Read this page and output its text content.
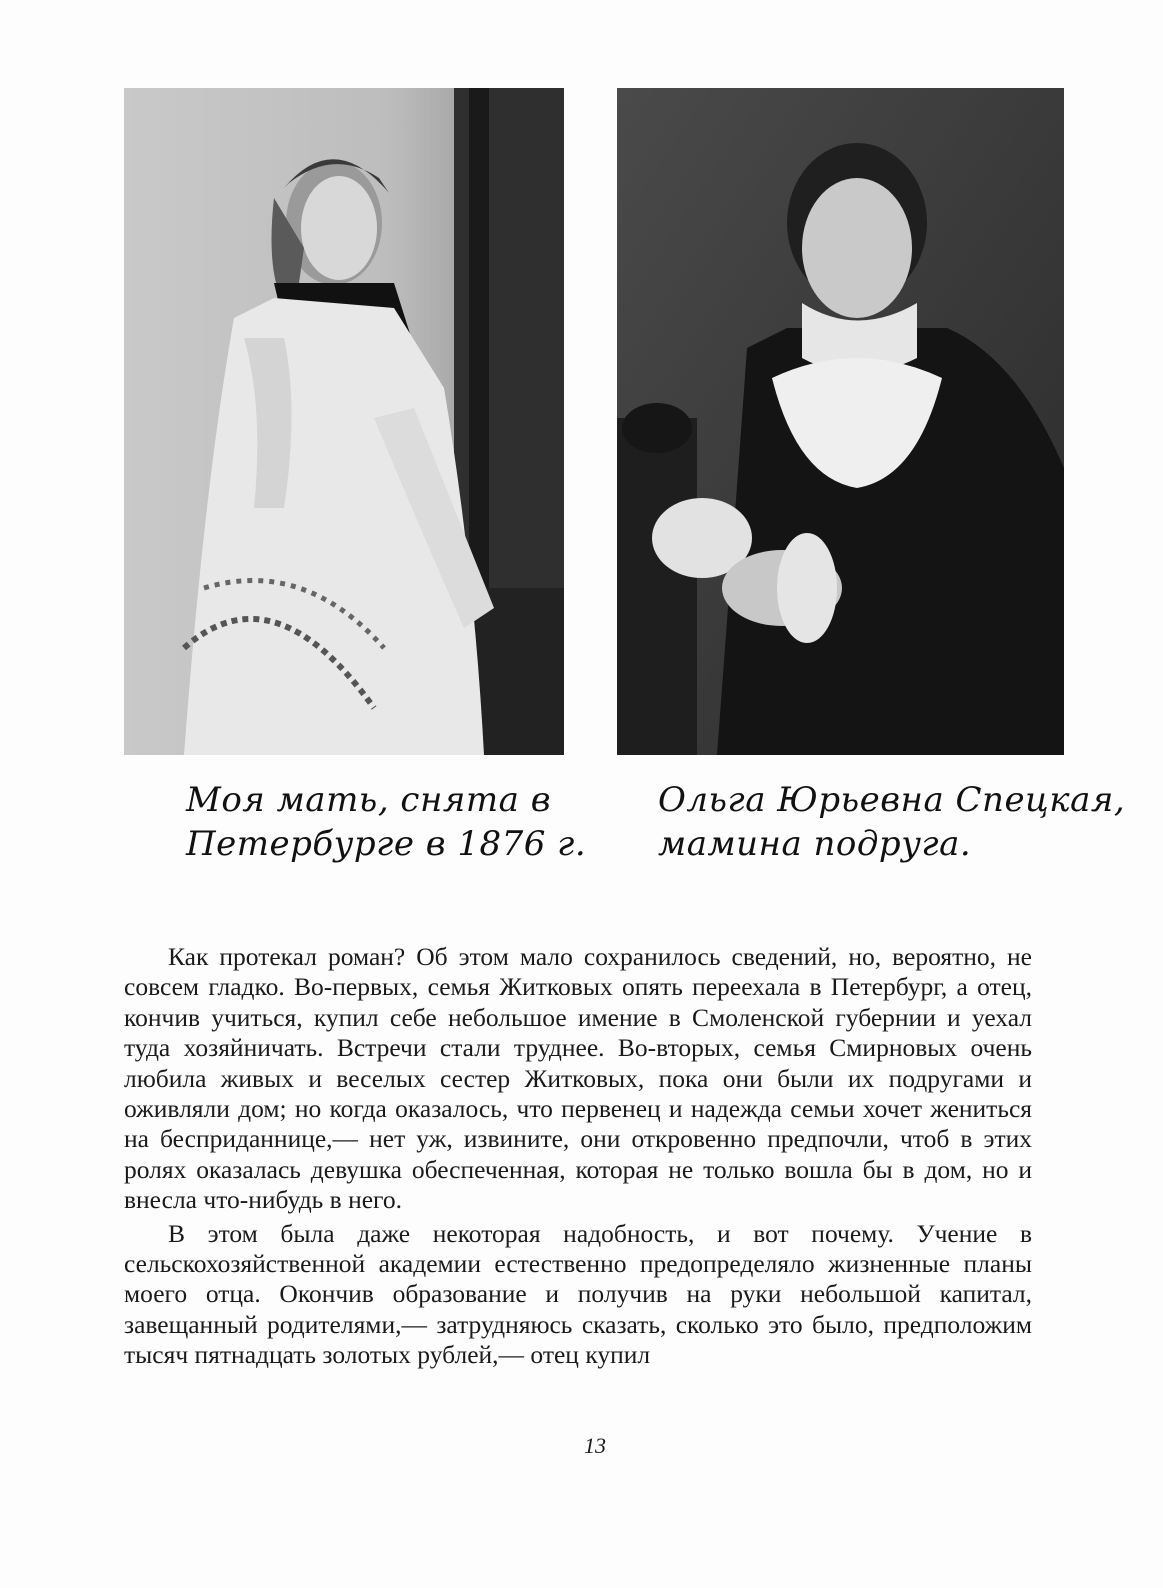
Моя мать, снята в
Петербурге в 1876 г.
Ольга Юрьевна Спецкая,
мамина подруга.

Как протекал роман? Об этом мало сохранилось сведений, но, вероятно, не совсем гладко. Во-первых, семья Житковых опять переехала в Петербург, а отец, кончив учиться, купил себе небольшое имение в Смоленской губернии и уехал туда хозяйничать. Встречи стали труднее. Во-вторых, семья Смирновых очень любила живых и веселых сестер Житковых, пока они были их подругами и оживляли дом; но когда оказалось, что первенец и надежда семьи хочет жениться на бесприданнице,— нет уж, извините, они откровенно предпочли, чтоб в этих ролях оказалась девушка обеспеченная, которая не только вошла бы в дом, но и внесла что-нибудь в него.

В этом была даже некоторая надобность, и вот почему. Учение в сельскохозяйственной академии естественно предопределяло жизненные планы моего отца. Окончив образование и получив на руки небольшой капитал, завещанный родителями,— затрудняюсь сказать, сколько это было, предположим тысяч пятнадцать золотых рублей,— отец купил

13
